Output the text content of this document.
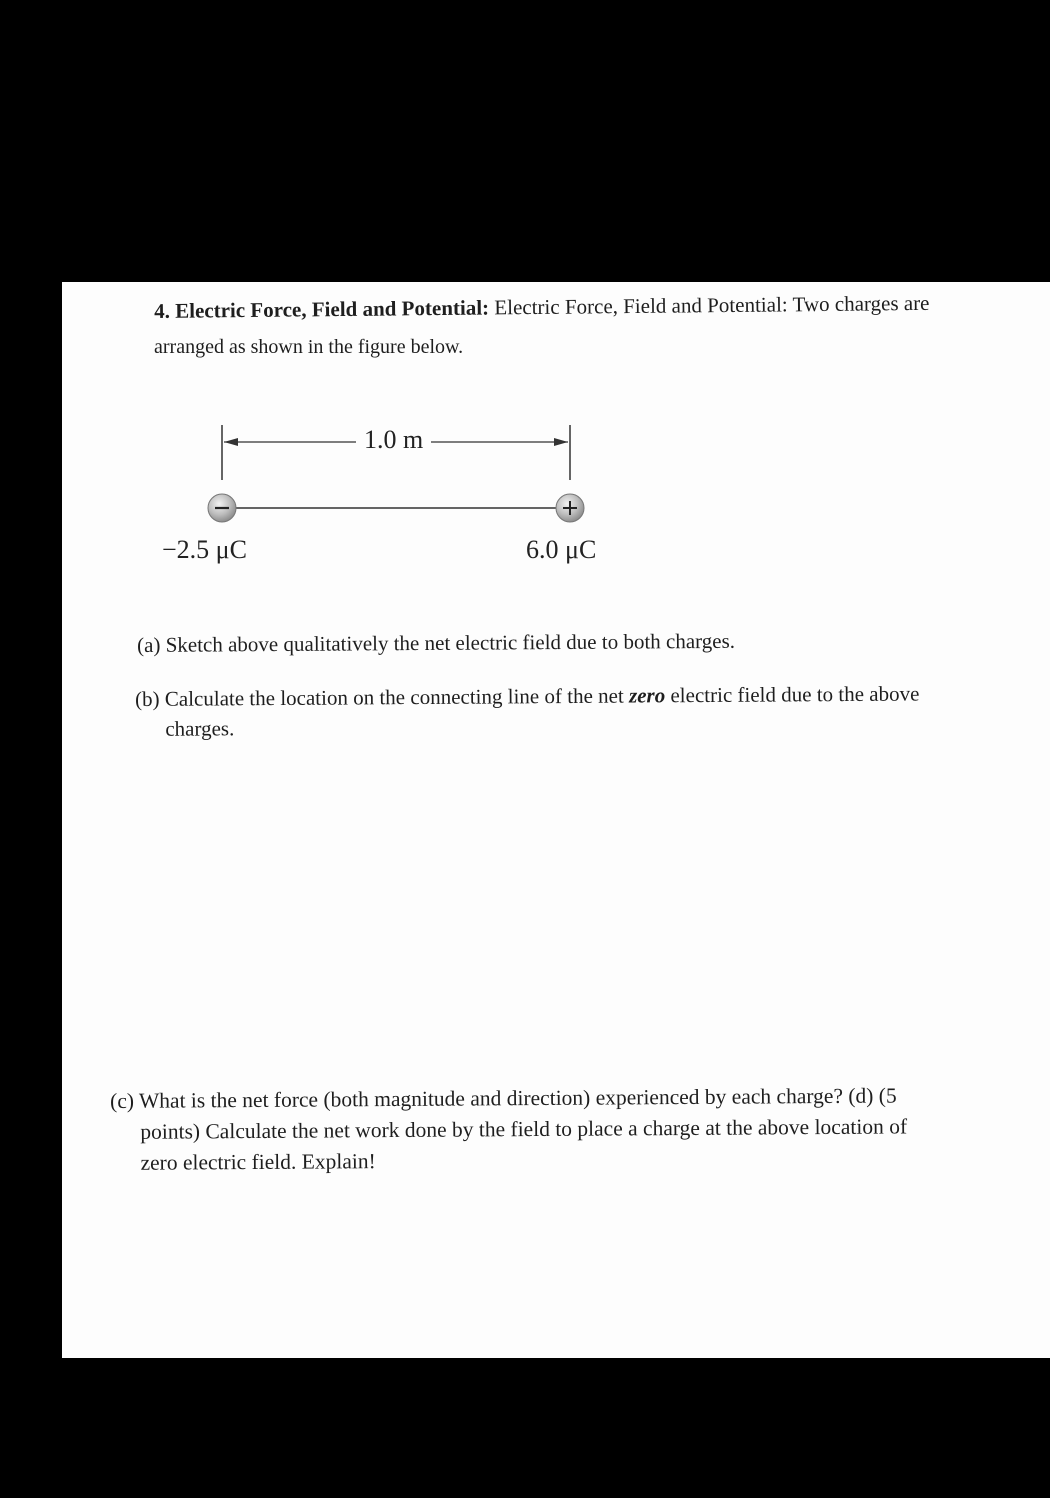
4. Electric Force, Field and Potential: Electric Force, Field and Potential: Two charges are
arranged as shown in the figure below.
1.0 m
−2.5 μC	6.0 μC
(a) Sketch above qualitatively the net electric field due to both charges.
(b) Calculate the location on the connecting line of the net zero electric field due to the above
charges.
(c) What is the net force (both magnitude and direction) experienced by each charge? (d) (5
points) Calculate the net work done by the field to place a charge at the above location of
zero electric field. Explain!
